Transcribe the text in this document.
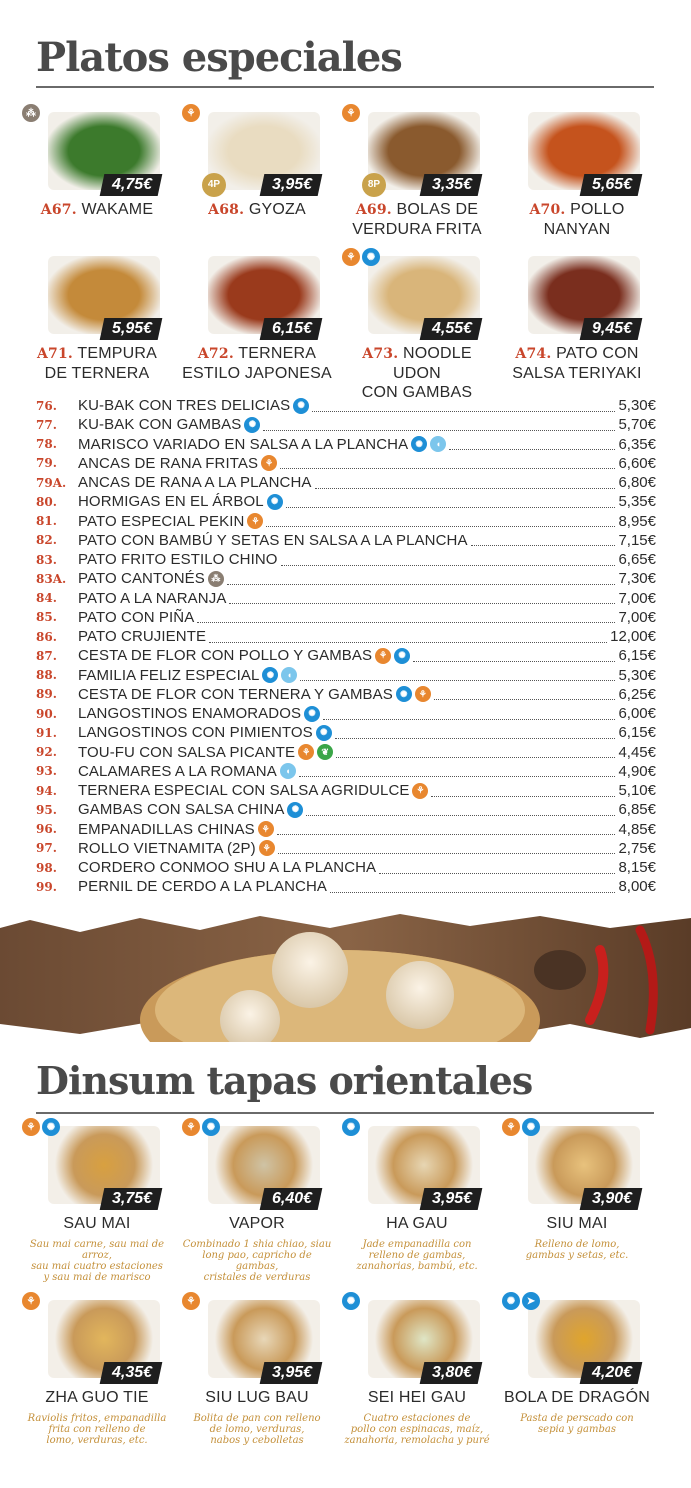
Platos especiales
⁂
4,75€
A67. WAKAME
⚘
4P	3,95€
A68. GYOZA
⚘
8P	3,35€
A69. BOLAS DE
VERDURA FRITA
5,65€
A70. POLLO
NANYAN
5,95€
A71. TEMPURA
DE TERNERA
6,15€
A72. TERNERA
ESTILO JAPONESA
⚘	✺
4,55€
A73. NOODLE UDON
CON GAMBAS
9,45€
A74. PATO CON
SALSA TERIYAKI
76.	KU-BAK CON TRES DELICIAS ✺	5,30€
77.	KU-BAK CON GAMBAS ✺	5,70€
78.	MARISCO VARIADO EN SALSA A LA PLANCHA ✺	◖	6,35€
79.	ANCAS DE RANA FRITAS ⚘	6,60€
79A. ANCAS DE RANA A LA PLANCHA	6,80€
80.	HORMIGAS EN EL ÁRBOL ✺	5,35€
81.	PATO ESPECIAL PEKIN ⚘	8,95€
82.	PATO CON BAMBÚ Y SETAS EN SALSA A LA PLANCHA	7,15€
83.	PATO FRITO ESTILO CHINO	6,65€
83A. PATO CANTONÉS ⁂	7,30€
84.	PATO A LA NARANJA	7,00€
85.	PATO CON PIÑA	7,00€
86.	PATO CRUJIENTE	12,00€
87.	CESTA DE FLOR CON POLLO Y GAMBAS ⚘	✺	6,15€
88.	FAMILIA FELIZ ESPECIAL ✺	◖	5,30€
89.	CESTA DE FLOR CON TERNERA Y GAMBAS ✺	⚘	6,25€
90.	LANGOSTINOS ENAMORADOS ✺	6,00€
91.	LANGOSTINOS CON PIMIENTOS ✺	6,15€
92.	TOU-FU CON SALSA PICANTE ⚘	❦	4,45€
93.	CALAMARES A LA ROMANA ◖	4,90€
94.	TERNERA ESPECIAL CON SALSA AGRIDULCE ⚘	5,10€
95.	GAMBAS CON SALSA CHINA ✺	6,85€
96.	EMPANADILLAS CHINAS ⚘	4,85€
97.	ROLLO VIETNAMITA (2P) ⚘	2,75€
98.	CORDERO CONMOO SHU A LA PLANCHA	8,15€
99.	PERNIL DE CERDO A LA PLANCHA	8,00€
Dinsum tapas orientales
⚘	✺
3,75€
SAU MAI
Sau mai carne, sau mai de arroz,
sau mai cuatro estaciones
y sau mai de marisco
⚘	✺
6,40€
VAPOR
Combinado 1 shia chiao, siau
long pao, capricho de gambas,
cristales de verduras
✺
3,95€
HA GAU
Jade empanadilla con
relleno de gambas,
zanahorias, bambú, etc.
⚘	✺
3,90€
SIU MAI
Relleno de lomo,
gambas y setas, etc.
⚘
4,35€
ZHA GUO TIE
Raviolis fritos, empanadilla
frita con relleno de
lomo, verduras, etc.
⚘
3,95€
SIU LUG BAU
Bolita de pan con relleno
de lomo, verduras,
nabos y cebolletas
✺
3,80€
SEI HEI GAU
Cuatro estaciones de
pollo con espinacas, maíz,
zanahoria, remolacha y puré
✺	➤
4,20€
BOLA DE DRAGÓN
Pasta de perscado con
sepia y gambas
